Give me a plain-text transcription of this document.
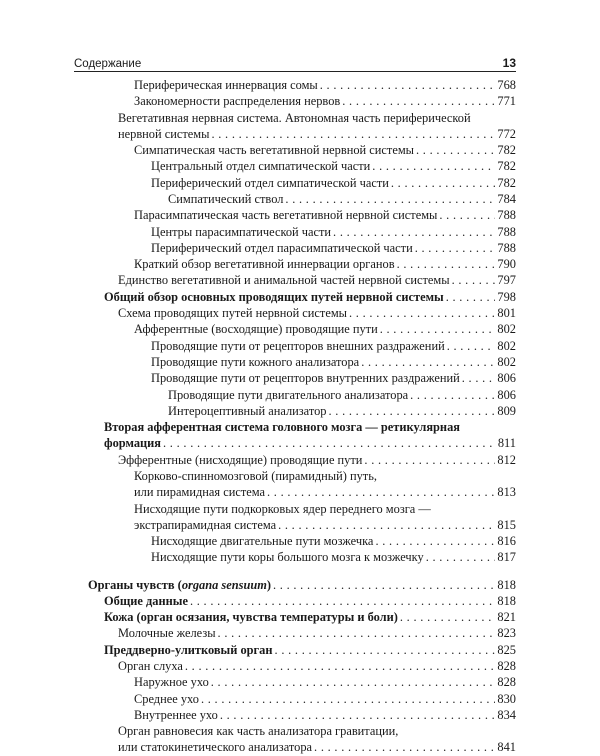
Содержание	13
Периферическая иннервация сомы . . .	768
Закономерности распределения нервов . . .	771
Вегетативная нервная система. Автономная часть периферической
нервной системы . . .	772
Симпатическая часть вегетативной нервной системы . . .	782
Центральный отдел симпатической части . . .	782
Периферический отдел симпатической части . . .	782
Симпатический ствол . . .	784
Парасимпатическая часть вегетативной нервной системы . . .	788
Центры парасимпатической части . . .	788
Периферический отдел парасимпатической части . . .	788
Краткий обзор вегетативной иннервации органов . . .	790
Единство вегетативной и анимальной частей нервной системы . . .	797
Общий обзор основных проводящих путей нервной системы . . .	798
Схема проводящих путей нервной системы . . .	801
Афферентные (восходящие) проводящие пути . . .	802
Проводящие пути от рецепторов внешних раздражений . . .	802
Проводящие пути кожного анализатора . . .	802
Проводящие пути от рецепторов внутренних раздражений . . .	806
Проводящие пути двигательного анализатора . . .	806
Интероцептивный анализатор . . .	809
Вторая афферентная система головного мозга — ретикулярная
формация . . .	811
Эфферентные (нисходящие) проводящие пути . . .	812
Корково-спинномозговой (пирамидный) путь,
или пирамидная система . . .	813
Нисходящие пути подкорковых ядер переднего мозга —
экстрапирамидная система . . .	815
Нисходящие двигательные пути мозжечка . . .	816
Нисходящие пути коры большого мозга к мозжечку . . .	817
Органы чувств (organa sensuum) . . .	818
Общие данные . . .	818
Кожа (орган осязания, чувства температуры и боли) . . .	821
Молочные железы . . .	823
Преддверно-улитковый орган . . .	825
Орган слуха . . .	828
Наружное ухо . . .	828
Среднее ухо . . .	830
Внутреннее ухо . . .	834
Орган равновесия как часть анализатора гравитации,
или статокинетического анализатора . . .	841
